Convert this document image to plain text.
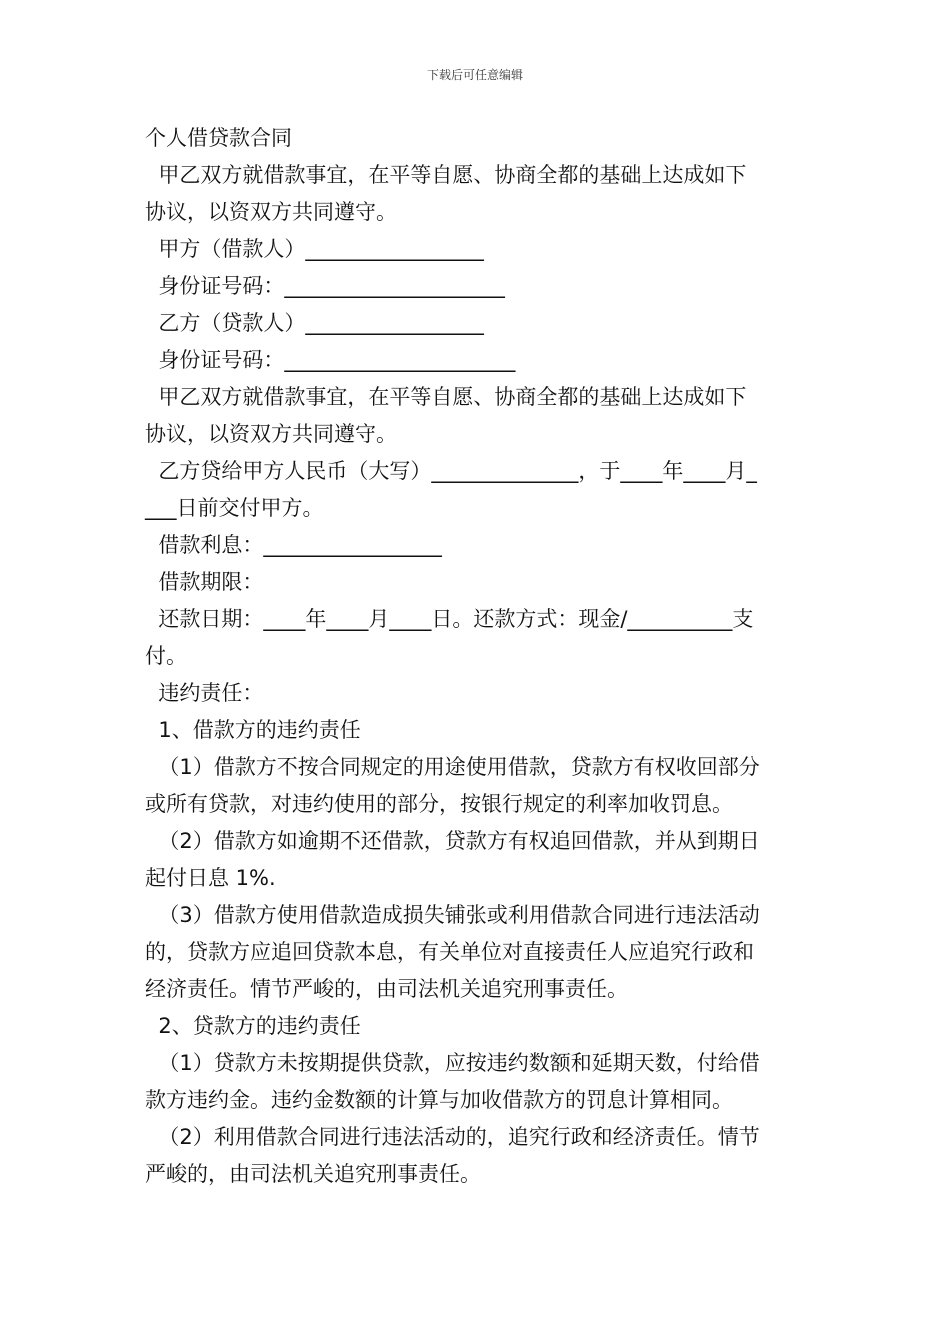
下载后可任意编辑
个人借贷款合同
甲乙双方就借款事宜，在平等自愿、协商全都的基础上达成如下
协议，以资双方共同遵守。
甲方（借款人）_________________
身份证号码：_____________________
乙方（贷款人）_________________
身份证号码：______________________
甲乙双方就借款事宜，在平等自愿、协商全都的基础上达成如下
协议，以资双方共同遵守。
乙方贷给甲方人民币（大写）______________，于____年____月_
___日前交付甲方。
借款利息：_________________
借款期限：
还款日期：____年____月____日。还款方式：现金/__________支
付。
违约责任：
1、借款方的违约责任
（1）借款方不按合同规定的用途使用借款，贷款方有权收回部分
或所有贷款，对违约使用的部分，按银行规定的利率加收罚息。
（2）借款方如逾期不还借款，贷款方有权追回借款，并从到期日
起付日息 1%.
（3）借款方使用借款造成损失铺张或利用借款合同进行违法活动
的，贷款方应追回贷款本息，有关单位对直接责任人应追究行政和
经济责任。情节严峻的，由司法机关追究刑事责任。
2、贷款方的违约责任
（1）贷款方未按期提供贷款，应按违约数额和延期天数，付给借
款方违约金。违约金数额的计算与加收借款方的罚息计算相同。
（2）利用借款合同进行违法活动的，追究行政和经济责任。情节
严峻的，由司法机关追究刑事责任。
